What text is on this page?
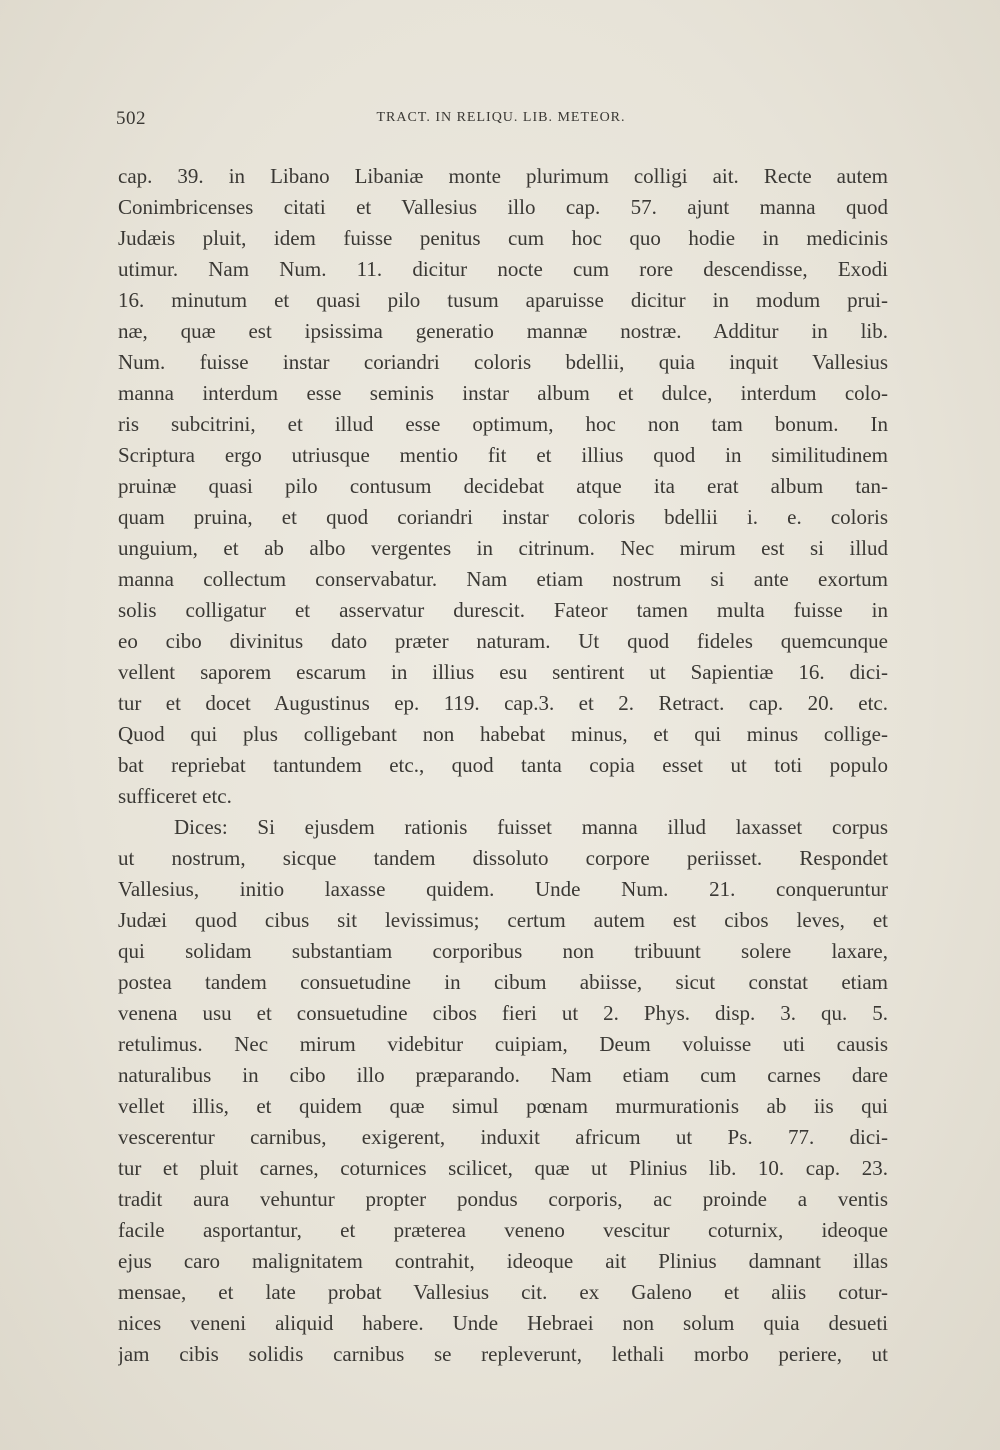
502	TRACT. IN RELIQU. LIB. METEOR.
cap. 39. in Libano Libaniæ monte plurimum colligi ait. Recte autem
Conimbricenses citati et Vallesius illo cap. 57. ajunt manna quod
Judæis pluit, idem fuisse penitus cum hoc quo hodie in medicinis
utimur. Nam Num. 11. dicitur nocte cum rore descendisse, Exodi
16. minutum et quasi pilo tusum aparuisse dicitur in modum prui-
næ, quæ est ipsissima generatio mannæ nostræ. Additur in lib.
Num. fuisse instar coriandri coloris bdellii, quia inquit Vallesius
manna interdum esse seminis instar album et dulce, interdum colo-
ris subcitrini, et illud esse optimum, hoc non tam bonum. In
Scriptura ergo utriusque mentio fit et illius quod in similitudinem
pruinæ quasi pilo contusum decidebat atque ita erat album tan-
quam pruina, et quod coriandri instar coloris bdellii i. e. coloris
unguium, et ab albo vergentes in citrinum. Nec mirum est si illud
manna collectum conservabatur. Nam etiam nostrum si ante exortum
solis colligatur et asservatur durescit. Fateor tamen multa fuisse in
eo cibo divinitus dato præter naturam. Ut quod fideles quemcunque
vellent saporem escarum in illius esu sentirent ut Sapientiæ 16. dici-
tur et docet Augustinus ep. 119. cap.3. et 2. Retract. cap. 20. etc.
Quod qui plus colligebant non habebat minus, et qui minus collige-
bat repriebat tantundem etc., quod tanta copia esset ut toti populo
sufficeret etc.
Dices: Si ejusdem rationis fuisset manna illud laxasset corpus
ut nostrum, sicque tandem dissoluto corpore periisset. Respondet
Vallesius, initio laxasse quidem. Unde Num. 21. conqueruntur
Judæi quod cibus sit levissimus; certum autem est cibos leves, et
qui solidam substantiam corporibus non tribuunt solere laxare,
postea tandem consuetudine in cibum abiisse, sicut constat etiam
venena usu et consuetudine cibos fieri ut 2. Phys. disp. 3. qu. 5.
retulimus. Nec mirum videbitur cuipiam, Deum voluisse uti causis
naturalibus in cibo illo præparando. Nam etiam cum carnes dare
vellet illis, et quidem quæ simul pœnam murmurationis ab iis qui
vescerentur carnibus, exigerent, induxit africum ut Ps. 77. dici-
tur et pluit carnes, coturnices scilicet, quæ ut Plinius lib. 10. cap. 23.
tradit aura vehuntur propter pondus corporis, ac proinde a ventis
facile asportantur, et præterea veneno vescitur coturnix, ideoque
ejus caro malignitatem contrahit, ideoque ait Plinius damnant illas
mensae, et late probat Vallesius cit. ex Galeno et aliis cotur-
nices veneni aliquid habere. Unde Hebraei non solum quia desueti
jam cibis solidis carnibus se repleverunt, lethali morbo periere, ut
